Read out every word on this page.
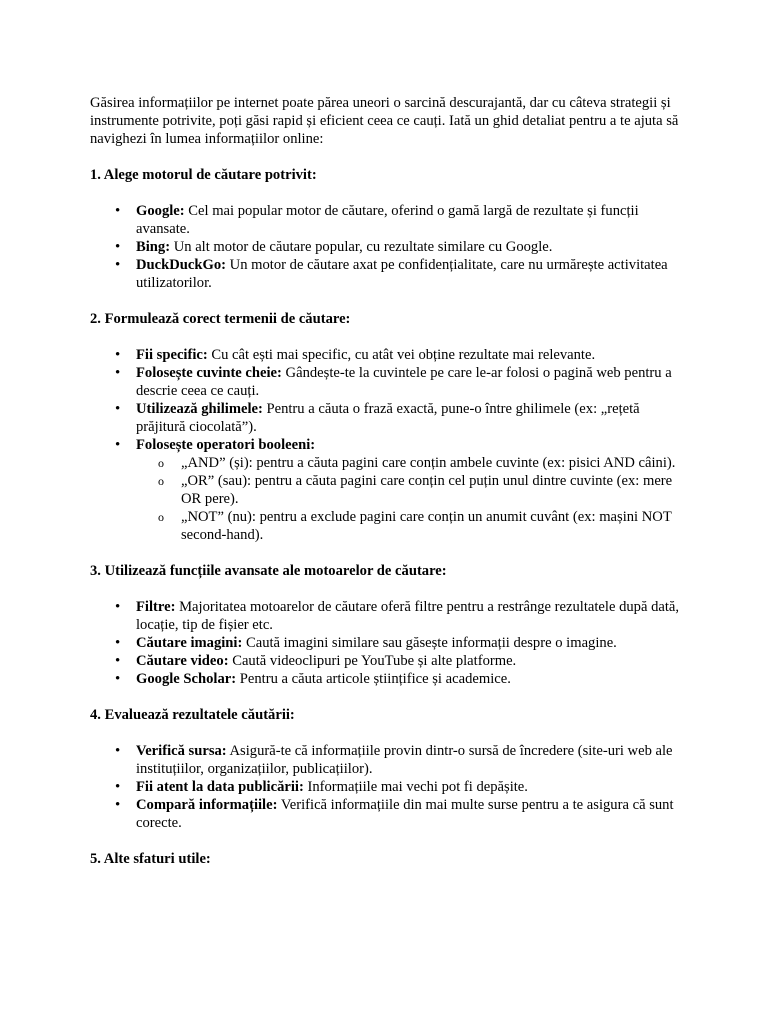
Găsirea informațiilor pe internet poate părea uneori o sarcină descurajantă, dar cu câteva strategii și instrumente potrivite, poți găsi rapid și eficient ceea ce cauți. Iată un ghid detaliat pentru a te ajuta să navighezi în lumea informațiilor online:

1. Alege motorul de căutare potrivit:

• Google: Cel mai popular motor de căutare, oferind o gamă largă de rezultate și funcții avansate.
• Bing: Un alt motor de căutare popular, cu rezultate similare cu Google.
• DuckDuckGo: Un motor de căutare axat pe confidențialitate, care nu urmărește activitatea utilizatorilor.

2. Formulează corect termenii de căutare:

• Fii specific: Cu cât ești mai specific, cu atât vei obține rezultate mai relevante.
• Folosește cuvinte cheie: Gândește-te la cuvintele pe care le-ar folosi o pagină web pentru a descrie ceea ce cauți.
• Utilizează ghilimele: Pentru a căuta o frază exactă, pune-o între ghilimele (ex: „rețetă prăjitură ciocolată”).
• Folosește operatori booleeni:
o „AND” (și): pentru a căuta pagini care conțin ambele cuvinte (ex: pisici AND câini).
o „OR” (sau): pentru a căuta pagini care conțin cel puțin unul dintre cuvinte (ex: mere OR pere).
o „NOT” (nu): pentru a exclude pagini care conțin un anumit cuvânt (ex: mașini NOT second-hand).

3. Utilizează funcțiile avansate ale motoarelor de căutare:

• Filtre: Majoritatea motoarelor de căutare oferă filtre pentru a restrânge rezultatele după dată, locație, tip de fișier etc.
• Căutare imagini: Caută imagini similare sau găsește informații despre o imagine.
• Căutare video: Caută videoclipuri pe YouTube și alte platforme.
• Google Scholar: Pentru a căuta articole științifice și academice.

4. Evaluează rezultatele căutării:

• Verifică sursa: Asigură-te că informațiile provin dintr-o sursă de încredere (site-uri web ale instituțiilor, organizațiilor, publicațiilor).
• Fii atent la data publicării: Informațiile mai vechi pot fi depășite.
• Compară informațiile: Verifică informațiile din mai multe surse pentru a te asigura că sunt corecte.

5. Alte sfaturi utile:
